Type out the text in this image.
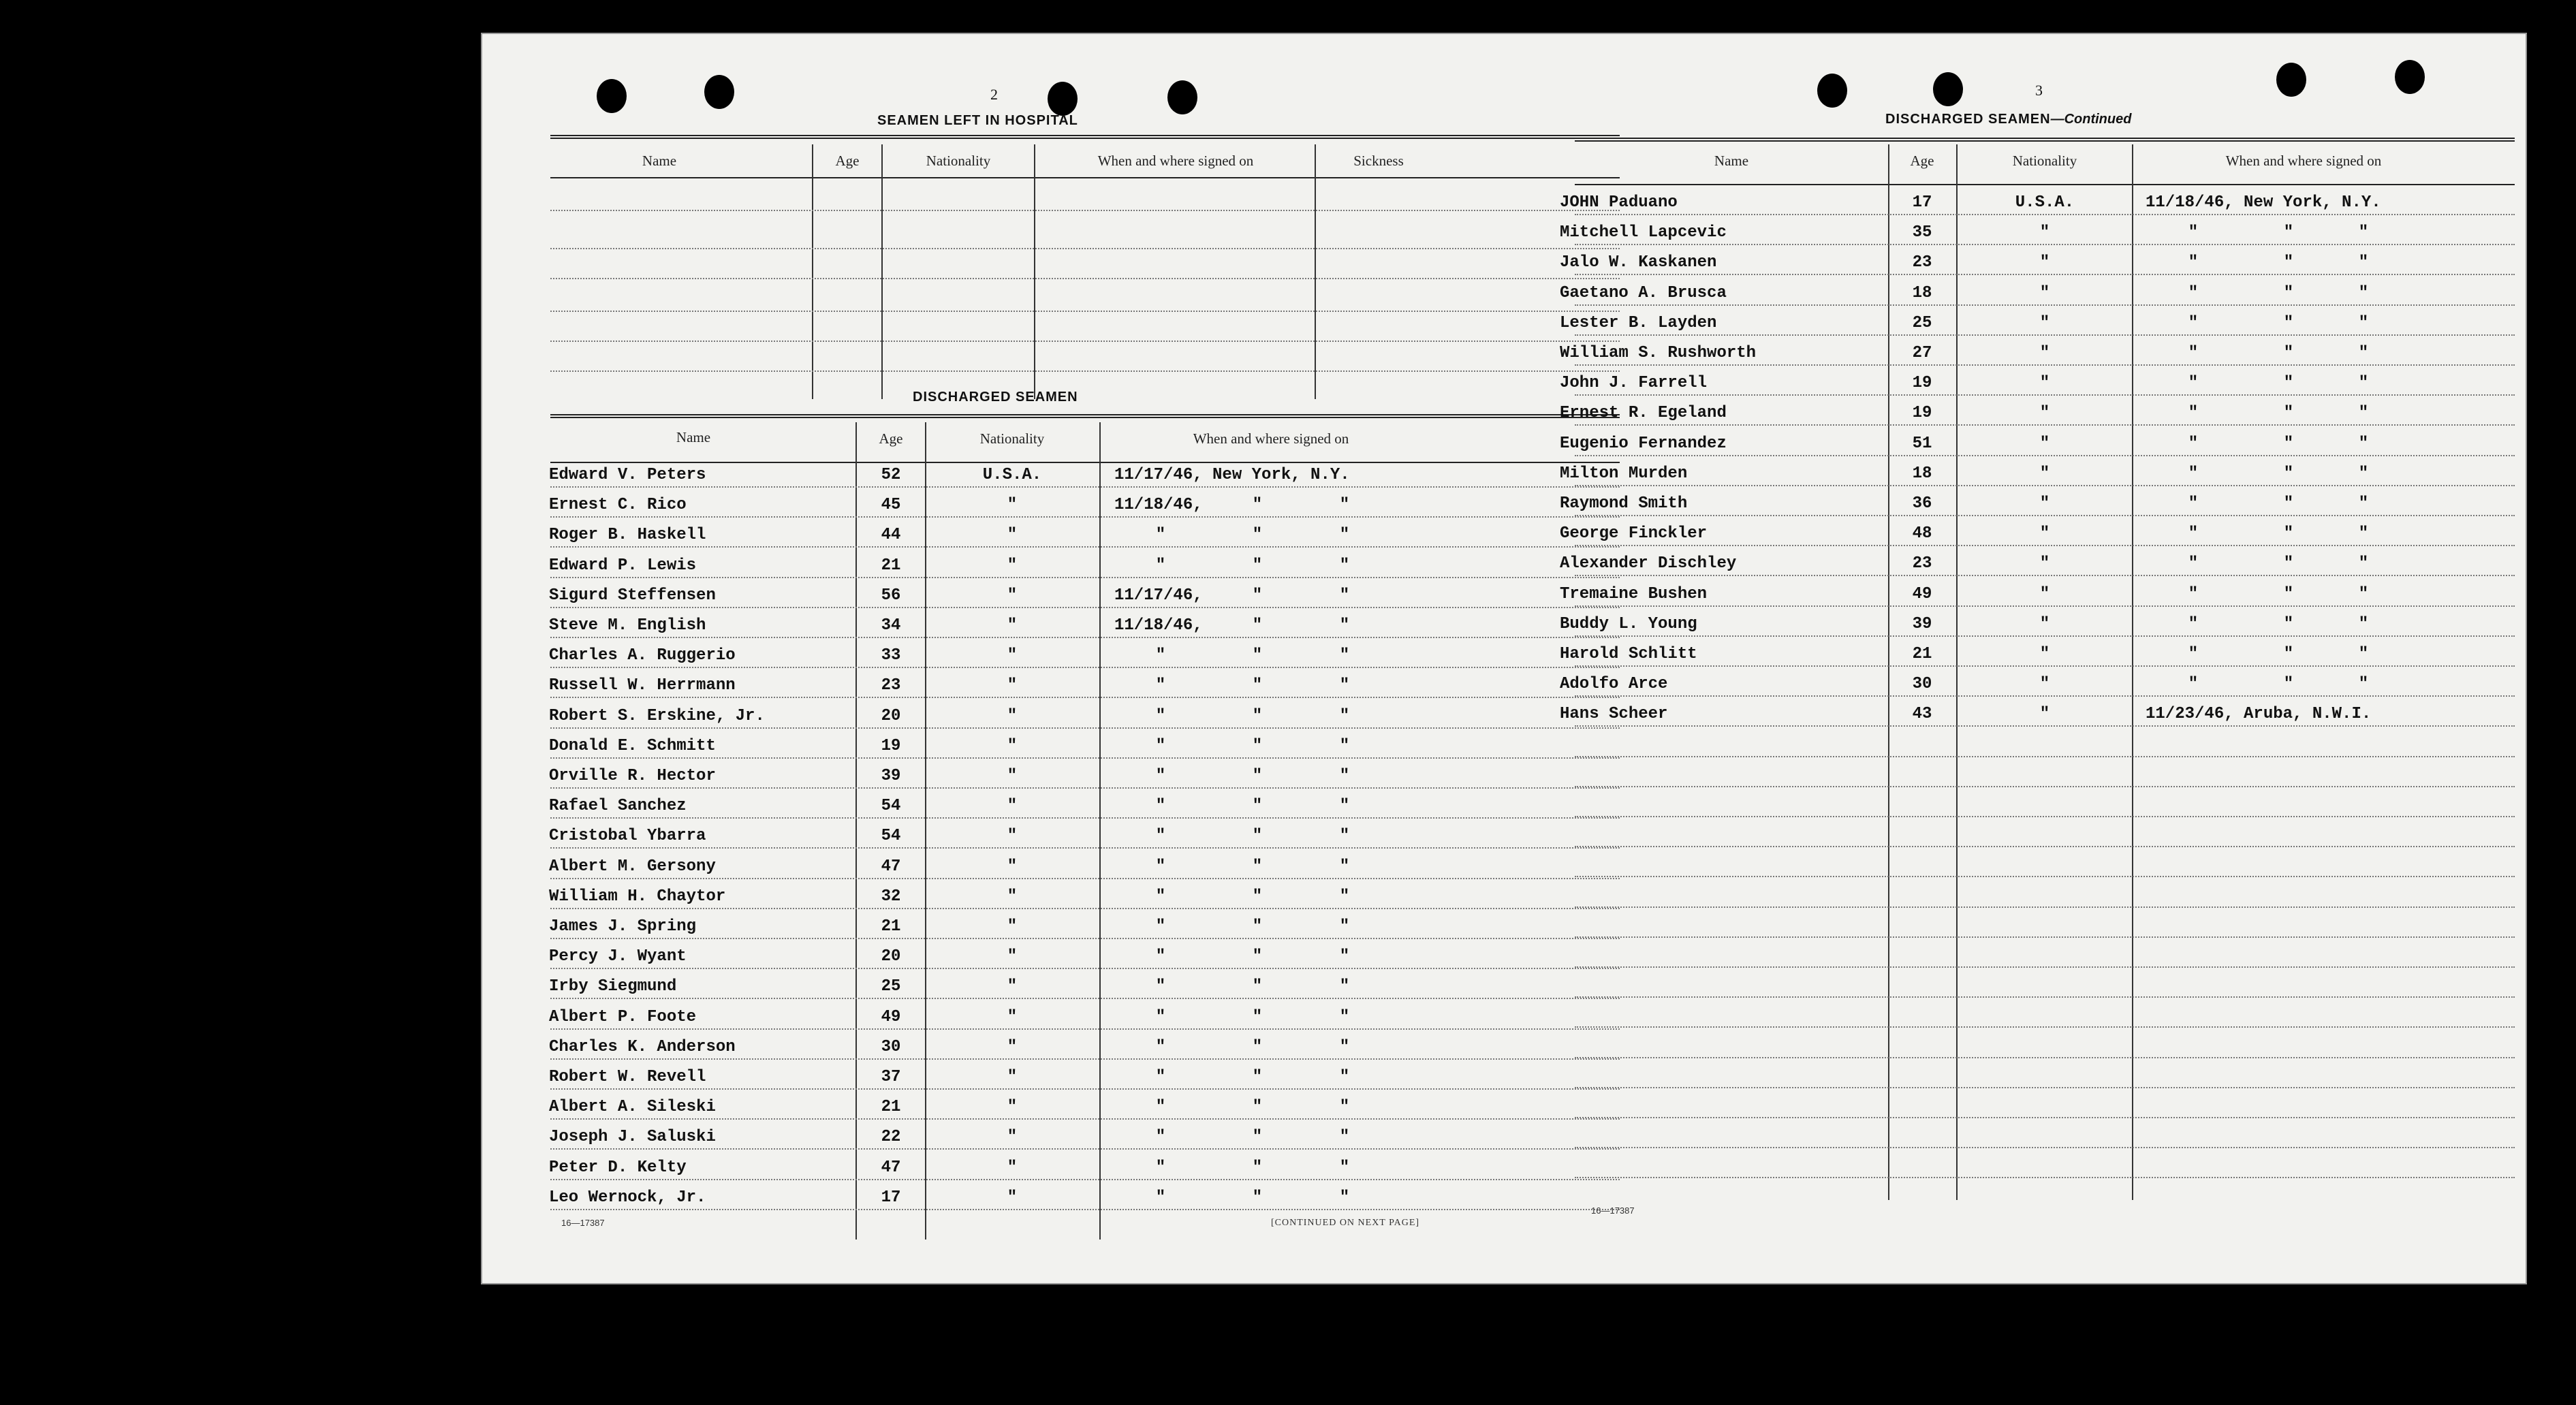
2
SEAMEN LEFT IN HOSPITAL
Name	Age	Nationality	When and where signed on	Sickness
DISCHARGED SEAMEN
Name	Age	Nationality	When and where signed on
Edward V. Peters	52	U.S.A.	11/17/46, New York, N.Y.
Ernest C. Rico	45	"	11/18/46,	"	"
Roger B. Haskell	44	"	"	"	"
Edward P. Lewis	21	"	"	"	"
Sigurd Steffensen	56	"	11/17/46,	"	"
Steve M. English	34	"	11/18/46,	"	"
Charles A. Ruggerio	33	"	"	"	"
Russell W. Herrmann	23	"	"	"	"
Robert S. Erskine, Jr.	20	"	"	"	"
Donald E. Schmitt	19	"	"	"	"
Orville R. Hector	39	"	"	"	"
Rafael Sanchez	54	"	"	"	"
Cristobal Ybarra	54	"	"	"	"
Albert M. Gersony	47	"	"	"	"
William H. Chaytor	32	"	"	"	"
James J. Spring	21	"	"	"	"
Percy J. Wyant	20	"	"	"	"
Irby Siegmund	25	"	"	"	"
Albert P. Foote	49	"	"	"	"
Charles K. Anderson	30	"	"	"	"
Robert W. Revell	37	"	"	"	"
Albert A. Sileski	21	"	"	"	"
Joseph J. Saluski	22	"	"	"	"
Peter D. Kelty	47	"	"	"	"
Leo Wernock, Jr.	17	"	"	"	"
16—17387	[CONTINUED ON NEXT PAGE]
3
DISCHARGED SEAMEN—Continued
Name	Age	Nationality	When and where signed on
JOHN Paduano	17	U.S.A.	11/18/46, New York, N.Y.
Mitchell Lapcevic	35	"	"	"	"
Jalo W. Kaskanen	23	"	"	"	"
Gaetano A. Brusca	18	"	"	"	"
Lester B. Layden	25	"	"	"	"
William S. Rushworth	27	"	"	"	"
John J. Farrell	19	"	"	"	"
Ernest R. Egeland	19	"	"	"	"
Eugenio Fernandez	51	"	"	"	"
Milton Murden	18	"	"	"	"
Raymond Smith	36	"	"	"	"
George Finckler	48	"	"	"	"
Alexander Dischley	23	"	"	"	"
Tremaine Bushen	49	"	"	"	"
Buddy L. Young	39	"	"	"	"
Harold Schlitt	21	"	"	"	"
Adolfo Arce	30	"	"	"	"
Hans Scheer	43	"	11/23/46, Aruba, N.W.I.
16—17387
